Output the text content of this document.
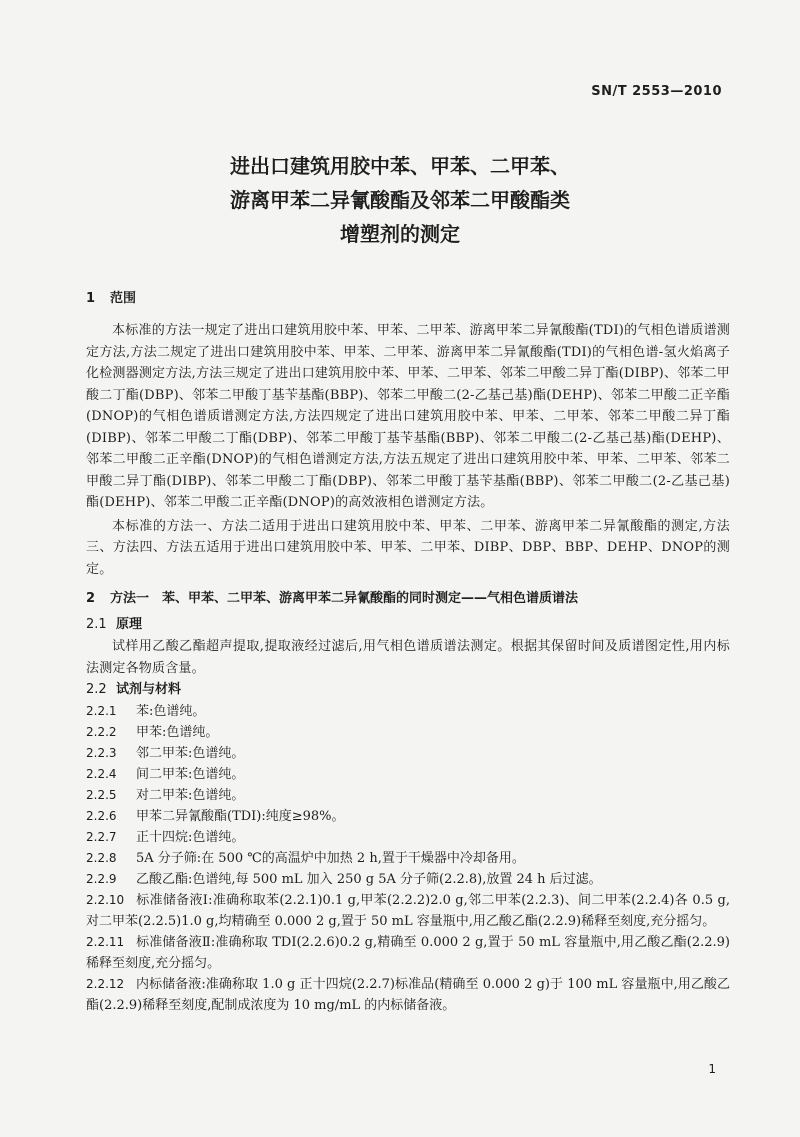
SN/T 2553—2010
进出口建筑用胶中苯、甲苯、二甲苯、
游离甲苯二异氰酸酯及邻苯二甲酸酯类
增塑剂的测定
1 范围
本标准的方法一规定了进出口建筑用胶中苯、甲苯、二甲苯、游离甲苯二异氰酸酯(TDI)的气相色谱质谱测定方法,方法二规定了进出口建筑用胶中苯、甲苯、二甲苯、游离甲苯二异氰酸酯(TDI)的气相色谱-氢火焰离子化检测器测定方法,方法三规定了进出口建筑用胶中苯、甲苯、二甲苯、邻苯二甲酸二异丁酯(DIBP)、邻苯二甲酸二丁酯(DBP)、邻苯二甲酸丁基苄基酯(BBP)、邻苯二甲酸二(2-乙基己基)酯(DEHP)、邻苯二甲酸二正辛酯(DNOP)的气相色谱质谱测定方法,方法四规定了进出口建筑用胶中苯、甲苯、二甲苯、邻苯二甲酸二异丁酯(DIBP)、邻苯二甲酸二丁酯(DBP)、邻苯二甲酸丁基苄基酯(BBP)、邻苯二甲酸二(2-乙基己基)酯(DEHP)、邻苯二甲酸二正辛酯(DNOP)的气相色谱测定方法,方法五规定了进出口建筑用胶中苯、甲苯、二甲苯、邻苯二甲酸二异丁酯(DIBP)、邻苯二甲酸二丁酯(DBP)、邻苯二甲酸丁基苄基酯(BBP)、邻苯二甲酸二(2-乙基己基)酯(DEHP)、邻苯二甲酸二正辛酯(DNOP)的高效液相色谱测定方法。
本标准的方法一、方法二适用于进出口建筑用胶中苯、甲苯、二甲苯、游离甲苯二异氰酸酯的测定,方法三、方法四、方法五适用于进出口建筑用胶中苯、甲苯、二甲苯、DIBP、DBP、BBP、DEHP、DNOP的测定。
2 方法一　苯、甲苯、二甲苯、游离甲苯二异氰酸酯的同时测定——气相色谱质谱法
2.1 原理
试样用乙酸乙酯超声提取,提取液经过滤后,用气相色谱质谱法测定。根据其保留时间及质谱图定性,用内标法测定各物质含量。
2.2 试剂与材料
2.2.1 苯:色谱纯。
2.2.2 甲苯:色谱纯。
2.2.3 邻二甲苯:色谱纯。
2.2.4 间二甲苯:色谱纯。
2.2.5 对二甲苯:色谱纯。
2.2.6 甲苯二异氰酸酯(TDI):纯度≥98%。
2.2.7 正十四烷:色谱纯。
2.2.8 5A 分子筛:在 500 ℃的高温炉中加热 2 h,置于干燥器中冷却备用。
2.2.9 乙酸乙酯:色谱纯,每 500 mL 加入 250 g 5A 分子筛(2.2.8),放置 24 h 后过滤。
2.2.10 标准储备液Ⅰ:准确称取苯(2.2.1)0.1 g,甲苯(2.2.2)2.0 g,邻二甲苯(2.2.3)、间二甲苯(2.2.4)各 0.5 g,对二甲苯(2.2.5)1.0 g,均精确至 0.000 2 g,置于 50 mL 容量瓶中,用乙酸乙酯(2.2.9)稀释至刻度,充分摇匀。
2.2.11 标准储备液Ⅱ:准确称取 TDI(2.2.6)0.2 g,精确至 0.000 2 g,置于 50 mL 容量瓶中,用乙酸乙酯(2.2.9)稀释至刻度,充分摇匀。
2.2.12 内标储备液:准确称取 1.0 g 正十四烷(2.2.7)标准品(精确至 0.000 2 g)于 100 mL 容量瓶中,用乙酸乙酯(2.2.9)稀释至刻度,配制成浓度为 10 mg/mL 的内标储备液。
1
